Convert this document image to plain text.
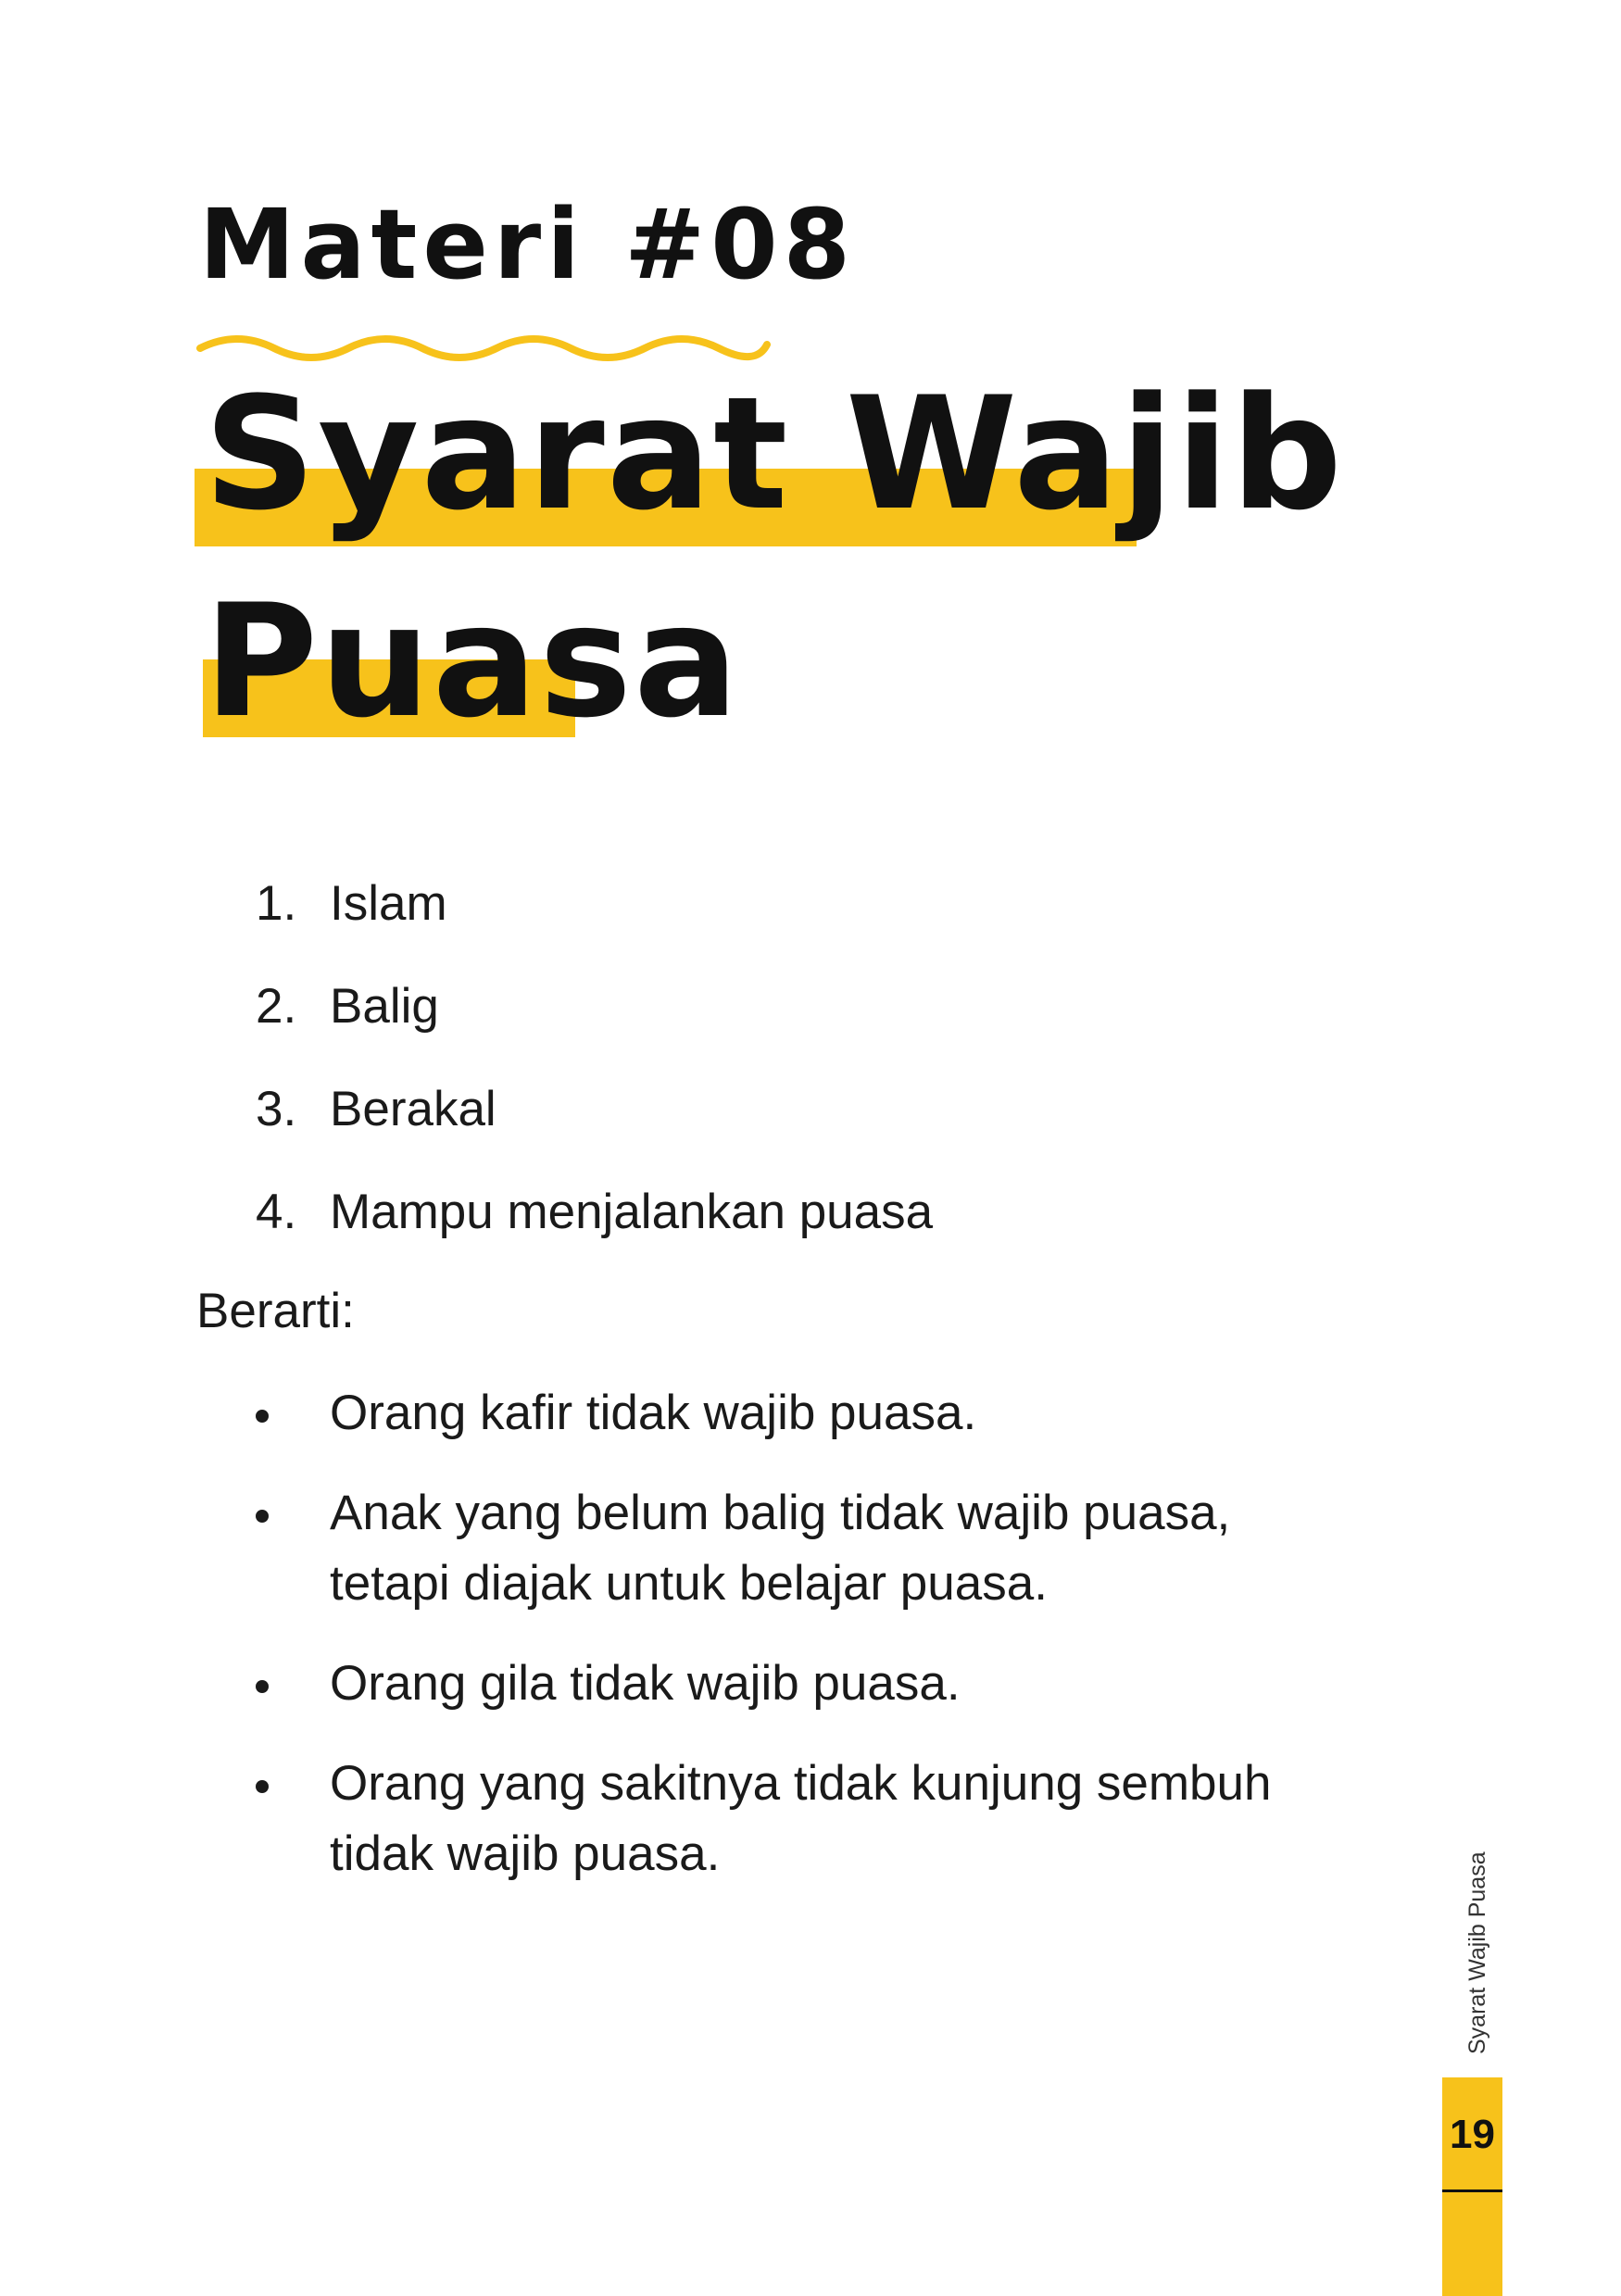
Materi #08
Syarat Wajib
Puasa
1. Islam
2. Balig
3. Berakal
4. Mampu menjalankan puasa
Berarti:
Orang kafir tidak wajib puasa.
Anak yang belum balig tidak wajib puasa, tetapi diajak untuk belajar puasa.
Orang gila tidak wajib puasa.
Orang yang sakitnya tidak kunjung sembuh tidak wajib puasa.	Syarat Wajib Puasa
19
